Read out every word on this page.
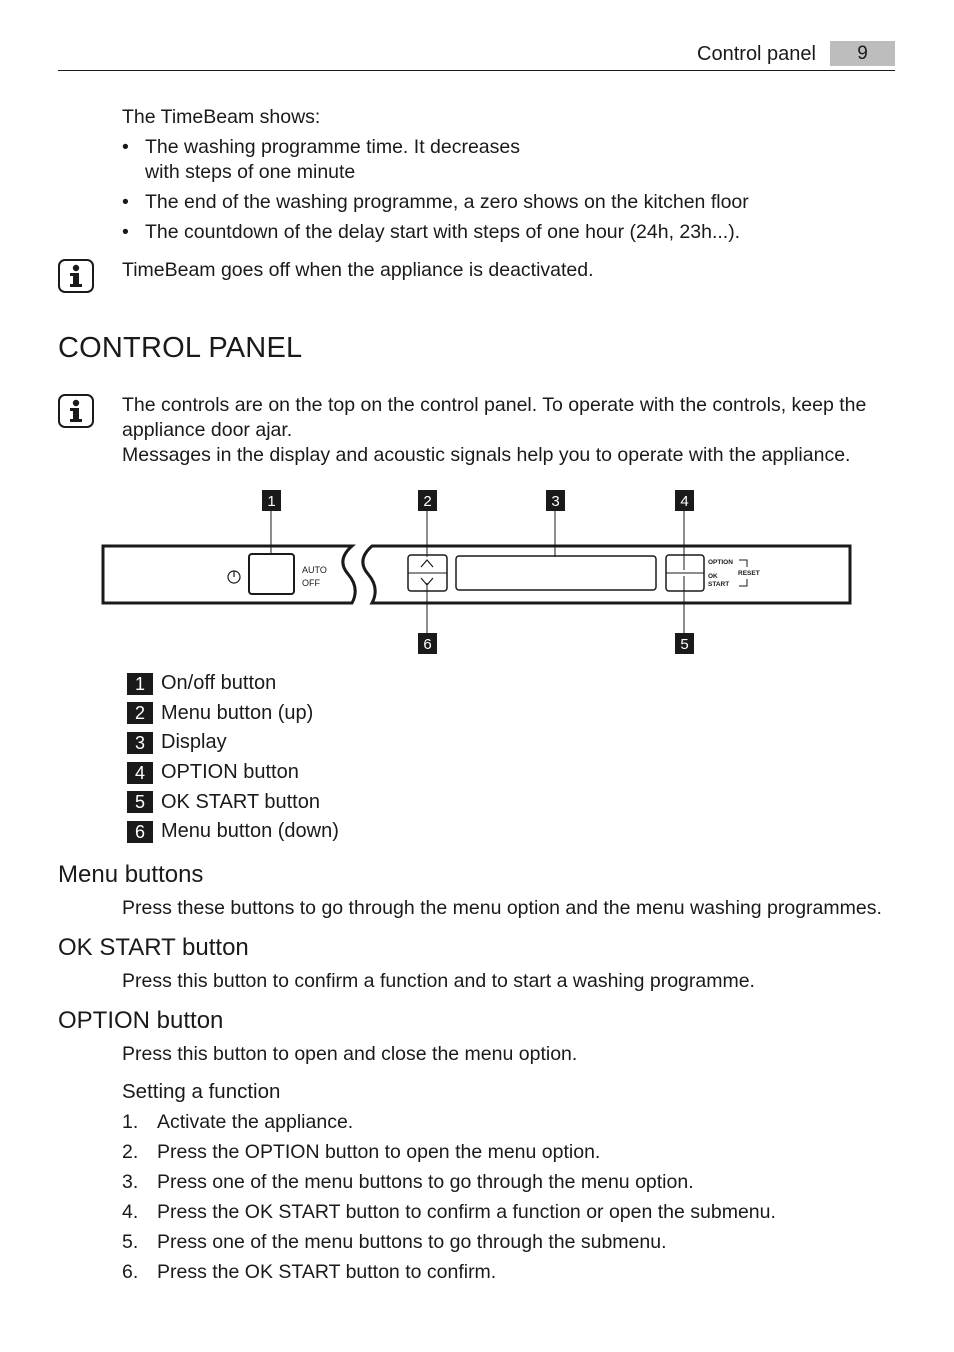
Control panel	9
The TimeBeam shows:
• The washing programme time. It decreases
with steps of one minute
• The end of the washing programme, a zero shows on the kitchen floor
• The countdown of the delay start with steps of one hour (24h, 23h...).
TimeBeam goes off when the appliance is deactivated.
CONTROL PANEL
The controls are on the top on the control panel. To operate with the controls, keep the
appliance door ajar.
Messages in the display and acoustic signals help you to operate with the appliance.
AUTO
OFF
OPTION
OK
START
RESET
1	2	3	4
5
6
1 On/off button
2 Menu button (up)
3 Display
4 OPTION button
5 OK START button
6 Menu button (down)
Menu buttons
Press these buttons to go through the menu option and the menu washing programmes.
OK START button
Press this button to confirm a function and to start a washing programme.
OPTION button
Press this button to open and close the menu option.
Setting a function
1. Activate the appliance.
2. Press the OPTION button to open the menu option.
3. Press one of the menu buttons to go through the menu option.
4. Press the OK START button to confirm a function or open the submenu.
5. Press one of the menu buttons to go through the submenu.
6. Press the OK START button to confirm.
